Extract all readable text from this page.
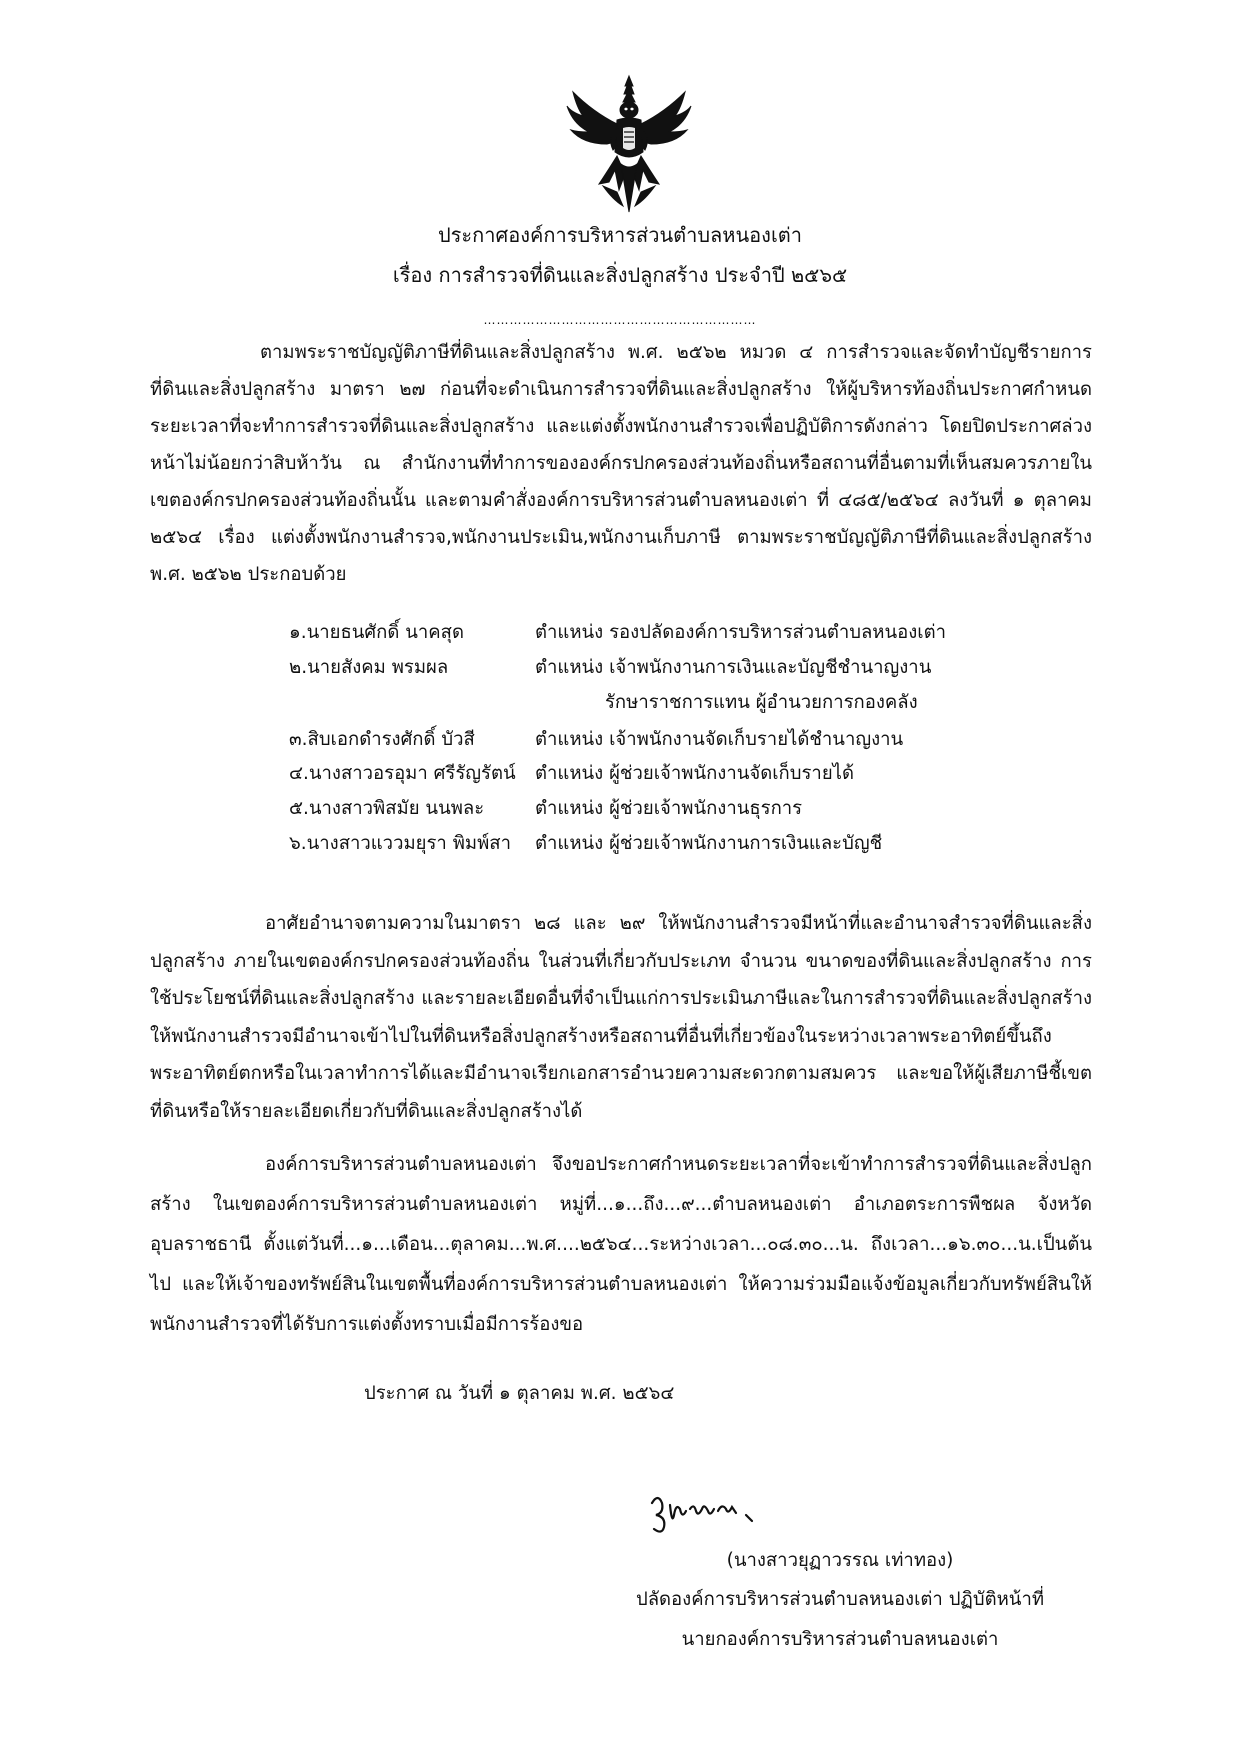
ประกาศองค์การบริหารส่วนตำบลหนองเต่า
เรื่อง การสำรวจที่ดินและสิ่งปลูกสร้าง ประจำปี ๒๕๖๕
………………………………………………………
ตามพระราชบัญญัติภาษีที่ดินและสิ่งปลูกสร้าง พ.ศ. ๒๕๖๒ หมวด ๔ การสำรวจและจัดทำบัญชีรายการที่ดินและสิ่งปลูกสร้าง มาตรา ๒๗ ก่อนที่จะดำเนินการสำรวจที่ดินและสิ่งปลูกสร้าง ให้ผู้บริหารท้องถิ่นประกาศกำหนดระยะเวลาที่จะทำการสำรวจที่ดินและสิ่งปลูกสร้าง และแต่งตั้งพนักงานสำรวจเพื่อปฏิบัติการดังกล่าว โดยปิดประกาศล่วงหน้าไม่น้อยกว่าสิบห้าวัน ณ สำนักงานที่ทำการขององค์กรปกครองส่วนท้องถิ่นหรือสถานที่อื่นตามที่เห็นสมควรภายในเขตองค์กรปกครองส่วนท้องถิ่นนั้น และตามคำสั่งองค์การบริหารส่วนตำบลหนองเต่า ที่ ๔๘๕/๒๕๖๔ ลงวันที่ ๑ ตุลาคม ๒๕๖๔ เรื่อง แต่งตั้งพนักงานสำรวจ,พนักงานประเมิน,พนักงานเก็บภาษี ตามพระราชบัญญัติภาษีที่ดินและสิ่งปลูกสร้าง พ.ศ. ๒๕๖๒ ประกอบด้วย
๑.นายธนศักดิ์ นาคสุด	ตำแหน่ง รองปลัดองค์การบริหารส่วนตำบลหนองเต่า
๒.นายสังคม พรมผล	ตำแหน่ง เจ้าพนักงานการเงินและบัญชีชำนาญงาน
รักษาราชการแทน ผู้อำนวยการกองคลัง
๓.สิบเอกดำรงศักดิ์ บัวสี	ตำแหน่ง เจ้าพนักงานจัดเก็บรายได้ชำนาญงาน
๔.นางสาวอรอุมา ศรีรัญรัตน์ ตำแหน่ง ผู้ช่วยเจ้าพนักงานจัดเก็บรายได้
๕.นางสาวพิสมัย นนพละ	ตำแหน่ง ผู้ช่วยเจ้าพนักงานธุรการ
๖.นางสาวแววมยุรา พิมพ์สา ตำแหน่ง ผู้ช่วยเจ้าพนักงานการเงินและบัญชี
อาศัยอำนาจตามความในมาตรา ๒๘ และ ๒๙ ให้พนักงานสำรวจมีหน้าที่และอำนาจสำรวจที่ดินและสิ่งปลูกสร้าง ภายในเขตองค์กรปกครองส่วนท้องถิ่น ในส่วนที่เกี่ยวกับประเภท จำนวน ขนาดของที่ดินและสิ่งปลูกสร้าง การใช้ประโยชน์ที่ดินและสิ่งปลูกสร้าง และรายละเอียดอื่นที่จำเป็นแก่การประเมินภาษีและในการสำรวจที่ดินและสิ่งปลูกสร้างให้พนักงานสำรวจมีอำนาจเข้าไปในที่ดินหรือสิ่งปลูกสร้างหรือสถานที่อื่นที่เกี่ยวข้องในระหว่างเวลาพระอาทิตย์ขึ้นถึงพระอาทิตย์ตกหรือในเวลาทำการได้และมีอำนาจเรียกเอกสารอำนวยความสะดวกตามสมควร และขอให้ผู้เสียภาษีชี้เขตที่ดินหรือให้รายละเอียดเกี่ยวกับที่ดินและสิ่งปลูกสร้างได้
องค์การบริหารส่วนตำบลหนองเต่า จึงขอประกาศกำหนดระยะเวลาที่จะเข้าทำการสำรวจที่ดินและสิ่งปลูกสร้าง ในเขตองค์การบริหารส่วนตำบลหนองเต่า หมู่ที่...๑...ถึง...๙...ตำบลหนองเต่า อำเภอตระการพืชผล จังหวัดอุบลราชธานี ตั้งแต่วันที่...๑...เดือน...ตุลาคม...พ.ศ....๒๕๖๔...ระหว่างเวลา...๐๘.๓๐...น. ถึงเวลา...๑๖.๓๐...น.เป็นต้นไป และให้เจ้าของทรัพย์สินในเขตพื้นที่องค์การบริหารส่วนตำบลหนองเต่า ให้ความร่วมมือแจ้งข้อมูลเกี่ยวกับทรัพย์สินให้พนักงานสำรวจที่ได้รับการแต่งตั้งทราบเมื่อมีการร้องขอ
ประกาศ ณ วันที่ ๑ ตุลาคม พ.ศ. ๒๕๖๔
(นางสาวยุฏาวรรณ เท่าทอง)
ปลัดองค์การบริหารส่วนตำบลหนองเต่า ปฏิบัติหน้าที่
นายกองค์การบริหารส่วนตำบลหนองเต่า
